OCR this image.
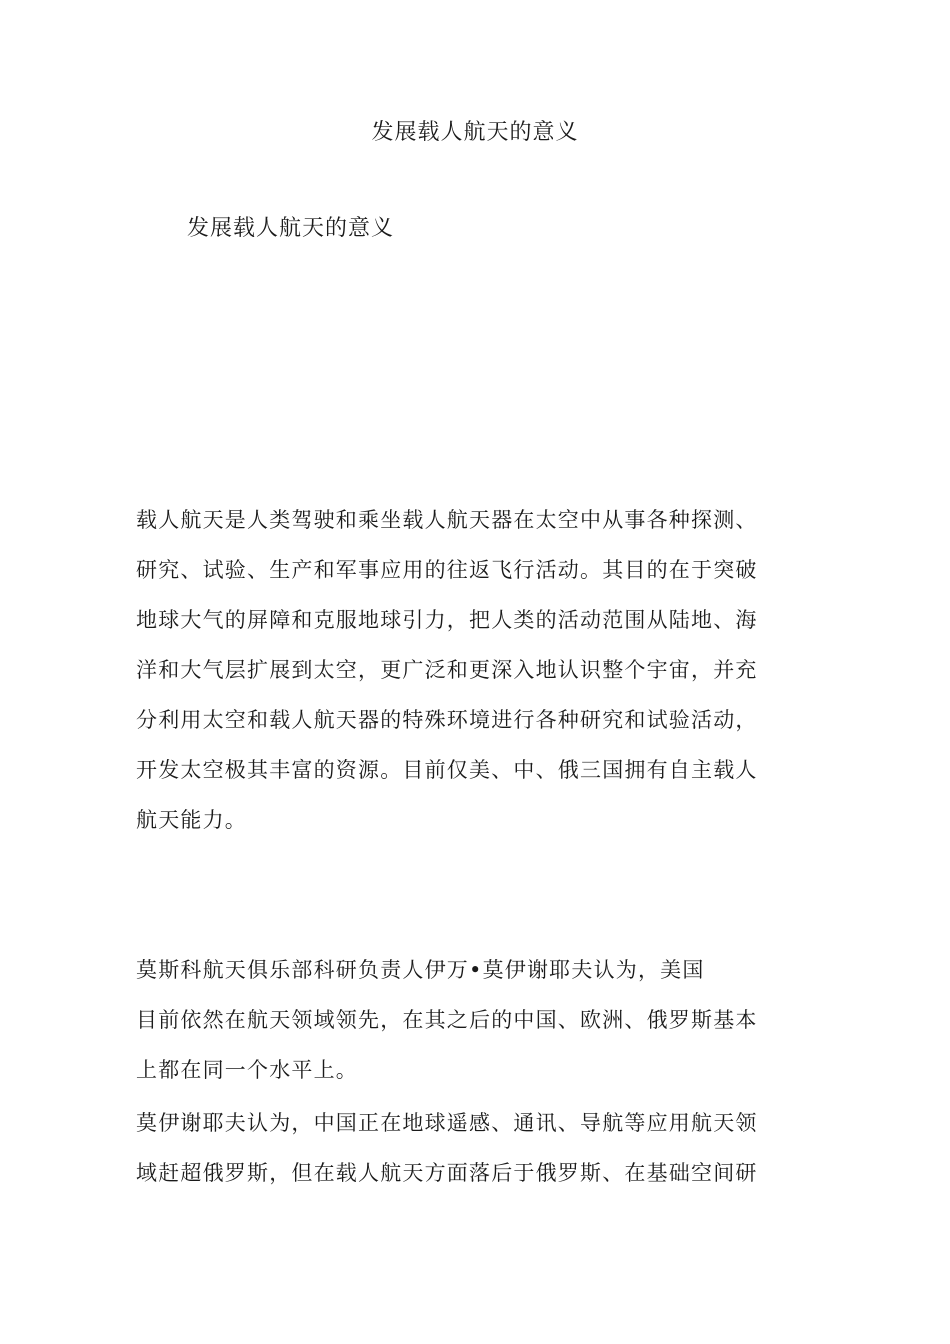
发展载人航天的意义
发展载人航天的意义
载人航天是人类驾驶和乘坐载人航天器在太空中从事各种探测、
研究、试验、生产和军事应用的往返飞行活动。其目的在于突破
地球大气的屏障和克服地球引力，把人类的活动范围从陆地、海
洋和大气层扩展到太空，更广泛和更深入地认识整个宇宙，并充
分利用太空和载人航天器的特殊环境进行各种研究和试验活动，
开发太空极其丰富的资源。目前仅美、中、俄三国拥有自主载人
航天能力。
莫斯科航天俱乐部科研负责人伊万•莫伊谢耶夫认为，美国
目前依然在航天领域领先，在其之后的中国、欧洲、俄罗斯基本
上都在同一个水平上。
莫伊谢耶夫认为，中国正在地球遥感、通讯、导航等应用航天领
域赶超俄罗斯，但在载人航天方面落后于俄罗斯、在基础空间研
